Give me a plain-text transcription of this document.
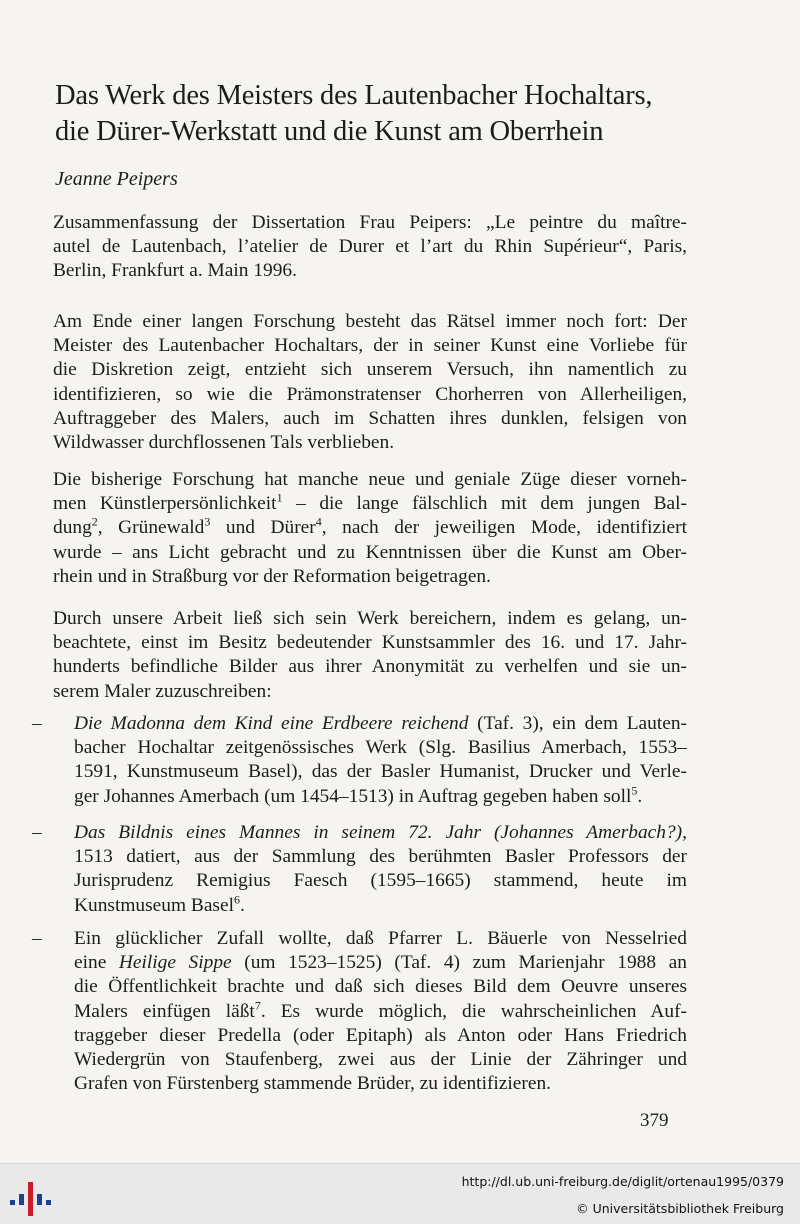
Das Werk des Meisters des Lautenbacher Hochaltars,
die Dürer-Werkstatt und die Kunst am Oberrhein
Jeanne Peipers
Zusammenfassung der Dissertation Frau Peipers: „Le peintre du maître-
autel de Lautenbach, l’atelier de Durer et l’art du Rhin Supérieur“, Paris,
Berlin, Frankfurt a. Main 1996.
Am Ende einer langen Forschung besteht das Rätsel immer noch fort: Der
Meister des Lautenbacher Hochaltars, der in seiner Kunst eine Vorliebe für
die Diskretion zeigt, entzieht sich unserem Versuch, ihn namentlich zu
identifizieren, so wie die Prämonstratenser Chorherren von Allerheiligen,
Auftraggeber des Malers, auch im Schatten ihres dunklen, felsigen von
Wildwasser durchflossenen Tals verblieben.
Die bisherige Forschung hat manche neue und geniale Züge dieser vorneh-
men Künstlerpersönlichkeit$^1$ – die lange fälschlich mit dem jungen Bal-
dung$^2$, Grünewald$^3$ und Dürer$^4$, nach der jeweiligen Mode, identifiziert
wurde – ans Licht gebracht und zu Kenntnissen über die Kunst am Ober-
rhein und in Straßburg vor der Reformation beigetragen.
Durch unsere Arbeit ließ sich sein Werk bereichern, indem es gelang, un-
beachtete, einst im Besitz bedeutender Kunstsammler des 16. und 17. Jahr-
hunderts befindliche Bilder aus ihrer Anonymität zu verhelfen und sie un-
serem Maler zuzuschreiben:
–	Die Madonna dem Kind eine Erdbeere reichend (Taf. 3), ein dem Lauten-
bacher Hochaltar zeitgenössisches Werk (Slg. Basilius Amerbach, 1553–
1591, Kunstmuseum Basel), das der Basler Humanist, Drucker und Verle-
ger Johannes Amerbach (um 1454–1513) in Auftrag gegeben haben soll$^5$.
–	Das Bildnis eines Mannes in seinem 72. Jahr (Johannes Amerbach?),
1513 datiert, aus der Sammlung des berühmten Basler Professors der
Jurisprudenz Remigius Faesch (1595–1665) stammend, heute im
Kunstmuseum Basel$^6$.
–	Ein glücklicher Zufall wollte, daß Pfarrer L. Bäuerle von Nesselried
eine Heilige Sippe (um 1523–1525) (Taf. 4) zum Marienjahr 1988 an
die Öffentlichkeit brachte und daß sich dieses Bild dem Oeuvre unseres
Malers einfügen läßt$^7$. Es wurde möglich, die wahrscheinlichen Auf-
traggeber dieser Predella (oder Epitaph) als Anton oder Hans Friedrich
Wiedergrün von Staufenberg, zwei aus der Linie der Zähringer und
Grafen von Fürstenberg stammende Brüder, zu identifizieren.
379
http://dl.ub.uni-freiburg.de/diglit/ortenau1995/0379
© Universitätsbibliothek Freiburg
